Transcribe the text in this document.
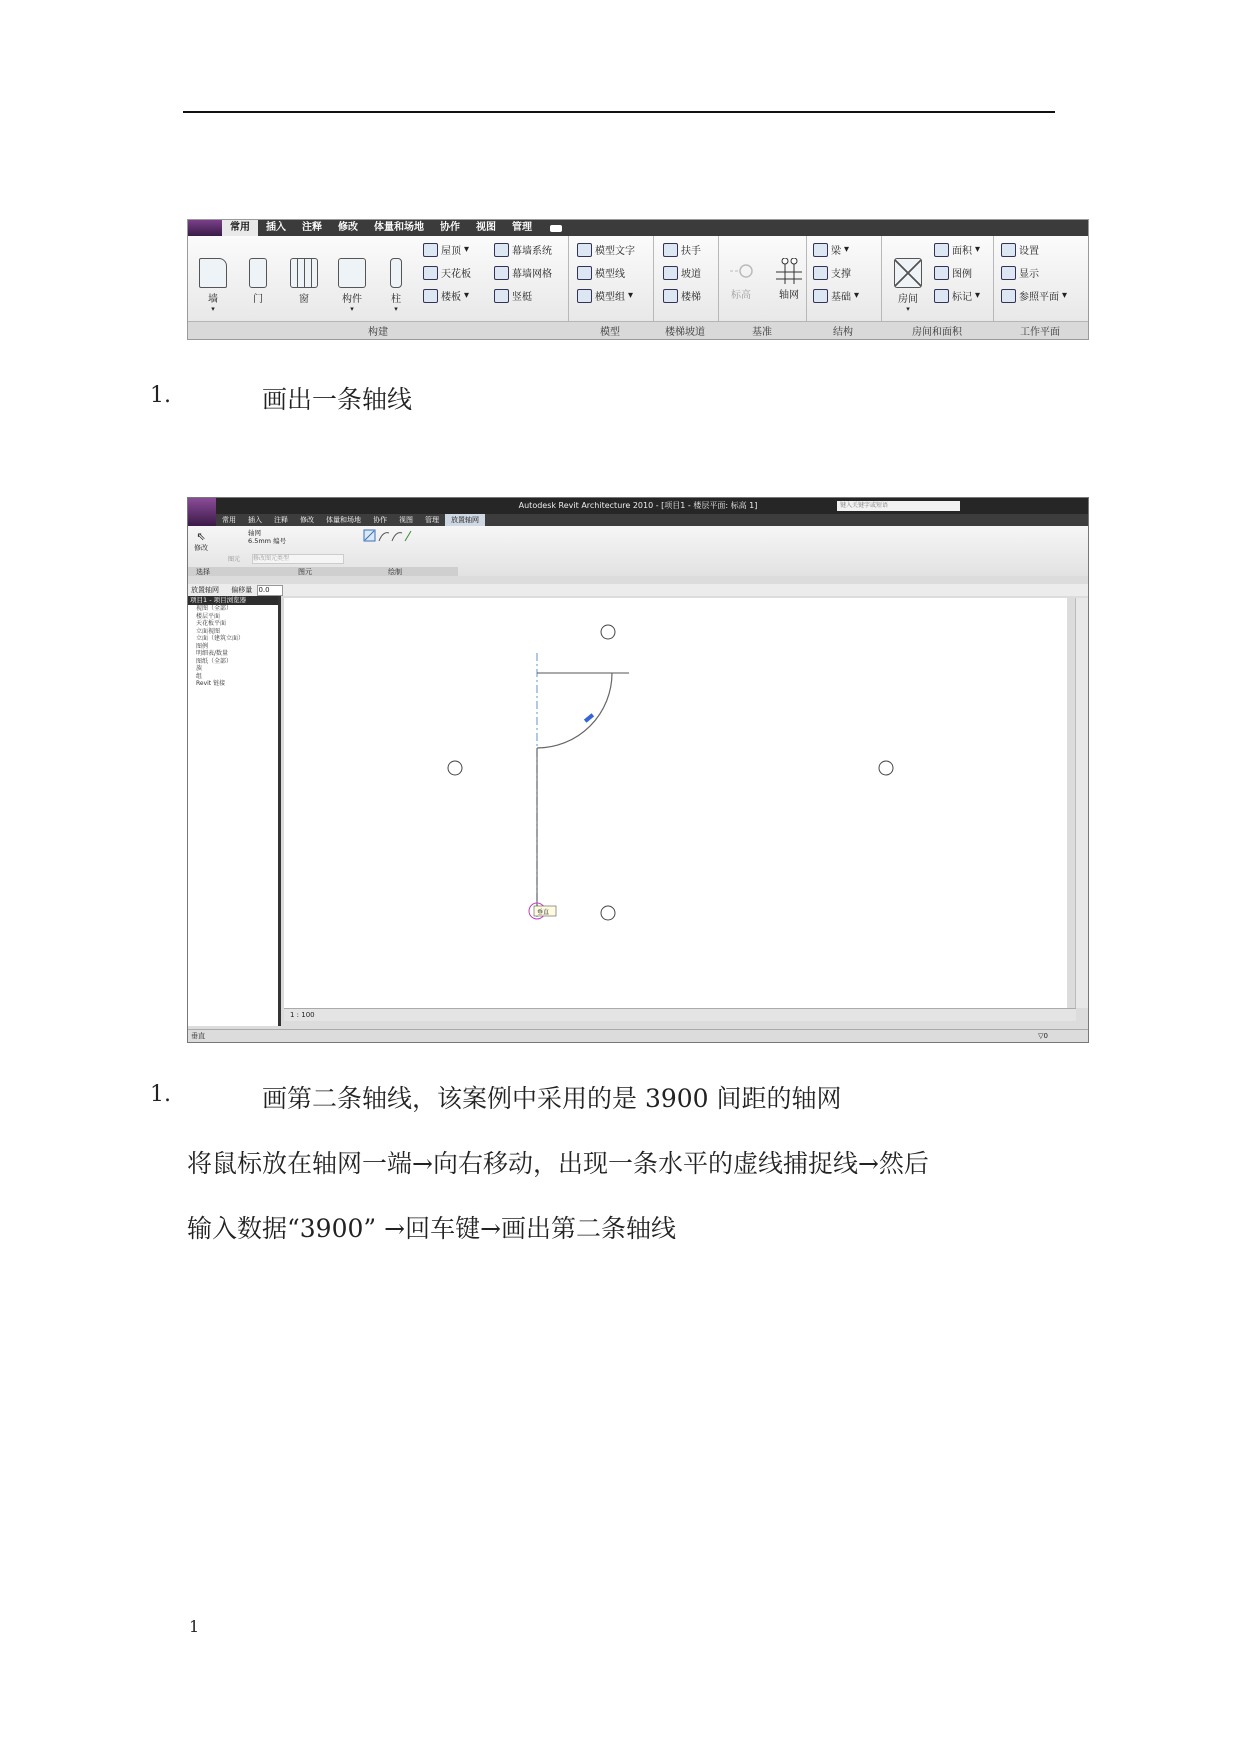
常用	插入	注释	修改	体量和场地	协作	视图	管理
墙
▾
门	窗	构件
▾
柱
▾
屋顶 ▾
天花板
楼板 ▾
幕墙系统
幕墙网格
竖梃
模型文字
模型线
模型组 ▾
扶手
坡道
楼梯	标高	轴网
梁 ▾
支撑
基础 ▾	房间
▾
面积 ▾
图例
标记 ▾
设置
显示
参照平面 ▾
构建	模型	楼梯坡道	基准	结构	房间和面积	工作平面
1.	画出一条轴线
Autodesk Revit Architecture 2010 - [项目1 - 楼层平面: 标高 1]	键入关键字或短语
常用	插入	注释	修改	体量和场地	协作	视图	管理	放置轴网
⇖
修改
轴网
6.5mm 编号
图元 修改图元类型
选择	图元	绘制
放置轴网 偏移量 0.0
项目1 - 项目浏览器
视图（全部）
楼层平面
天花板平面
立面视图
立面（建筑立面）
图例
明细表/数量
图纸（全部）
族
组
Revit 链接
垂直
1 : 100
垂直	▽0
1.	画第二条轴线，该案例中采用的是 3900 间距的轴网
将鼠标放在轴网一端→向右移动，出现一条水平的虚线捕捉线→然后
输入数据“3900” →回车键→画出第二条轴线
1
